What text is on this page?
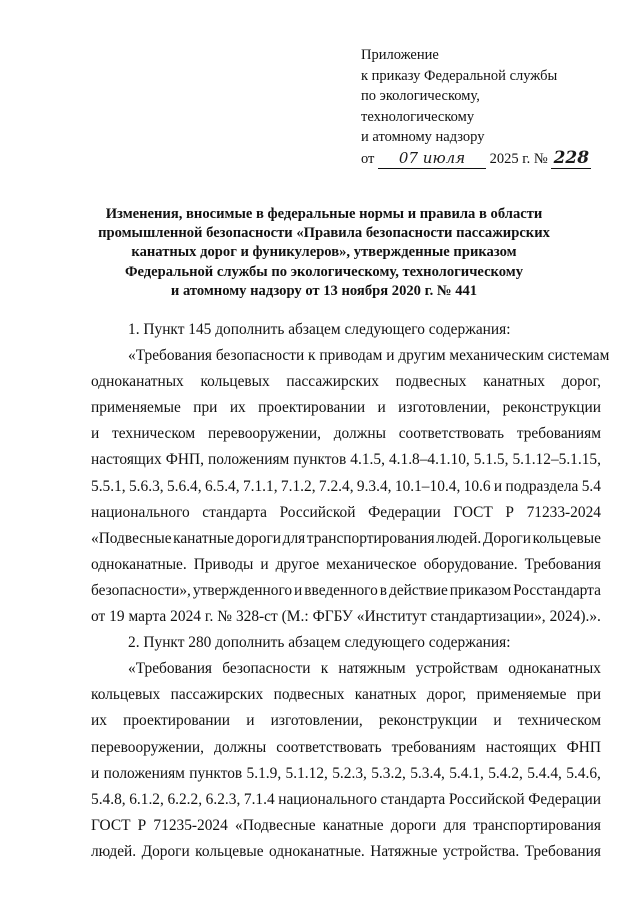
Приложение
к приказу Федеральной службы
по экологическому,
технологическому
и атомному надзору
от 07 июля 2025 г. № 228
Изменения, вносимые в федеральные нормы и правила в области
промышленной безопасности «Правила безопасности пассажирских
канатных дорог и фуникулеров», утвержденные приказом
Федеральной службы по экологическому, технологическому
и атомному надзору от 13 ноября 2020 г. № 441
1. Пункт 145 дополнить абзацем следующего содержания:
«Требования безопасности к приводам и другим механическим системам
одноканатных кольцевых пассажирских подвесных канатных дорог,
применяемые при их проектировании и изготовлении, реконструкции
и техническом перевооружении, должны соответствовать требованиям
настоящих ФНП, положениям пунктов 4.1.5, 4.1.8–4.1.10, 5.1.5, 5.1.12–5.1.15,
5.5.1, 5.6.3, 5.6.4, 6.5.4, 7.1.1, 7.1.2, 7.2.4, 9.3.4, 10.1–10.4, 10.6 и подраздела 5.4
национального стандарта Российской Федерации ГОСТ Р 71233-2024
«Подвесные канатные дороги для транспортирования людей. Дороги кольцевые
одноканатные. Приводы и другое механическое оборудование. Требования
безопасности», утвержденного и введенного в действие приказом Росстандарта
от 19 марта 2024 г. № 328-ст (М.: ФГБУ «Институт стандартизации», 2024).».
2. Пункт 280 дополнить абзацем следующего содержания:
«Требования безопасности к натяжным устройствам одноканатных
кольцевых пассажирских подвесных канатных дорог, применяемые при
их проектировании и изготовлении, реконструкции и техническом
перевооружении, должны соответствовать требованиям настоящих ФНП
и положениям пунктов 5.1.9, 5.1.12, 5.2.3, 5.3.2, 5.3.4, 5.4.1, 5.4.2, 5.4.4, 5.4.6,
5.4.8, 6.1.2, 6.2.2, 6.2.3, 7.1.4 национального стандарта Российской Федерации
ГОСТ Р 71235-2024 «Подвесные канатные дороги для транспортирования
людей. Дороги кольцевые одноканатные. Натяжные устройства. Требования
